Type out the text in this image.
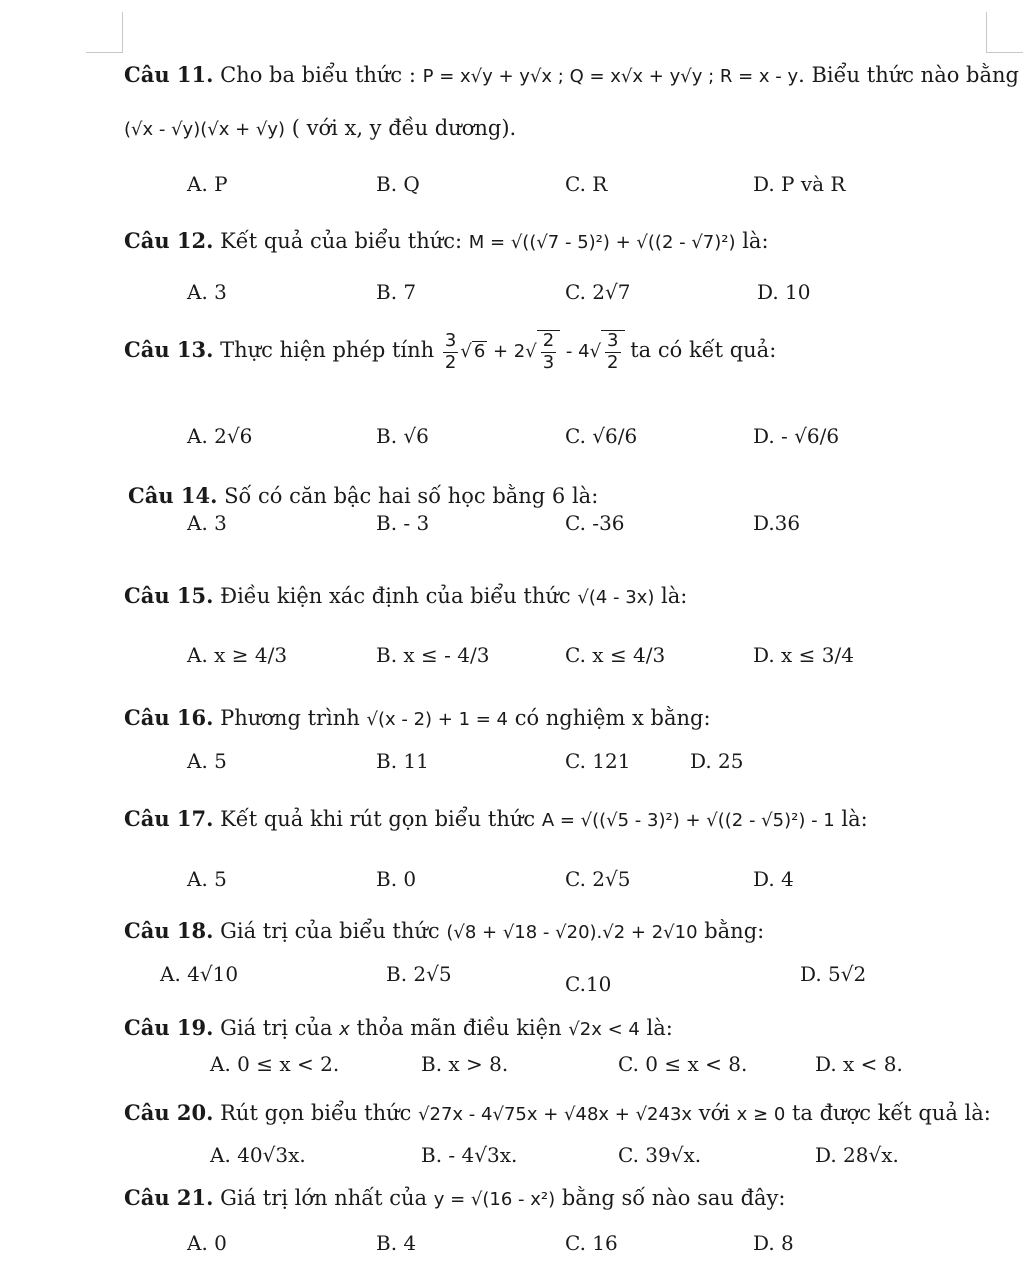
Câu 11. Cho ba biểu thức : P = x√y + y√x ; Q = x√x + y√y ; R = x - y. Biểu thức nào bằng
(√x - √y)(√x + √y) ( với x, y đều dương).
A. P	B. Q	C. R	D. P và R
Câu 12. Kết quả của biểu thức: M = √((√7 - 5)²) + √((2 - √7)²) là:
A. 3	B. 7	C. 2√7	D. 10
Câu 13. Thực hiện phép tính $\frac{3}{2}$ √ $6 + 2√ \frac{2}{3} - 4√ \frac{3}{2}$ ta có kết quả:
A. 2√6	B. √6	C. √6/6	D. - √6/6
Câu 14. Số có căn bậc hai số học bằng 6 là:
A. 3	B. - 3	C. -36	D.36
Câu 15. Điều kiện xác định của biểu thức √(4 - 3x) là:
A. x ≥ 4/3	B. x ≤ - 4/3	C. x ≤ 4/3	D. x ≤ 3/4
Câu 16. Phương trình √(x - 2) + 1 = 4 có nghiệm x bằng:
A. 5	B. 11	C. 121	D. 25
Câu 17. Kết quả khi rút gọn biểu thức A = √((√5 - 3)²) + √((2 - √5)²) - 1 là:
A. 5	B. 0	C. 2√5	D. 4
Câu 18. Giá trị của biểu thức (√8 + √18 - √20).√2 + 2√10 bằng:
A. 4√10	B. 2√5	C.10	D. 5√2
Câu 19. Giá trị của x thỏa mãn điều kiện √2x < 4 là:
A. 0 ≤ x < 2.	B. x > 8.	C. 0 ≤ x < 8.	D. x < 8.
Câu 20. Rút gọn biểu thức √27x - 4√75x + √48x + √243x với x ≥ 0 ta được kết quả là:
A. 40√3x.	B. - 4√3x.	C. 39√x.	D. 28√x.
Câu 21. Giá trị lớn nhất của y = √(16 - x²) bằng số nào sau đây:
A. 0	B. 4	C. 16	D. 8
